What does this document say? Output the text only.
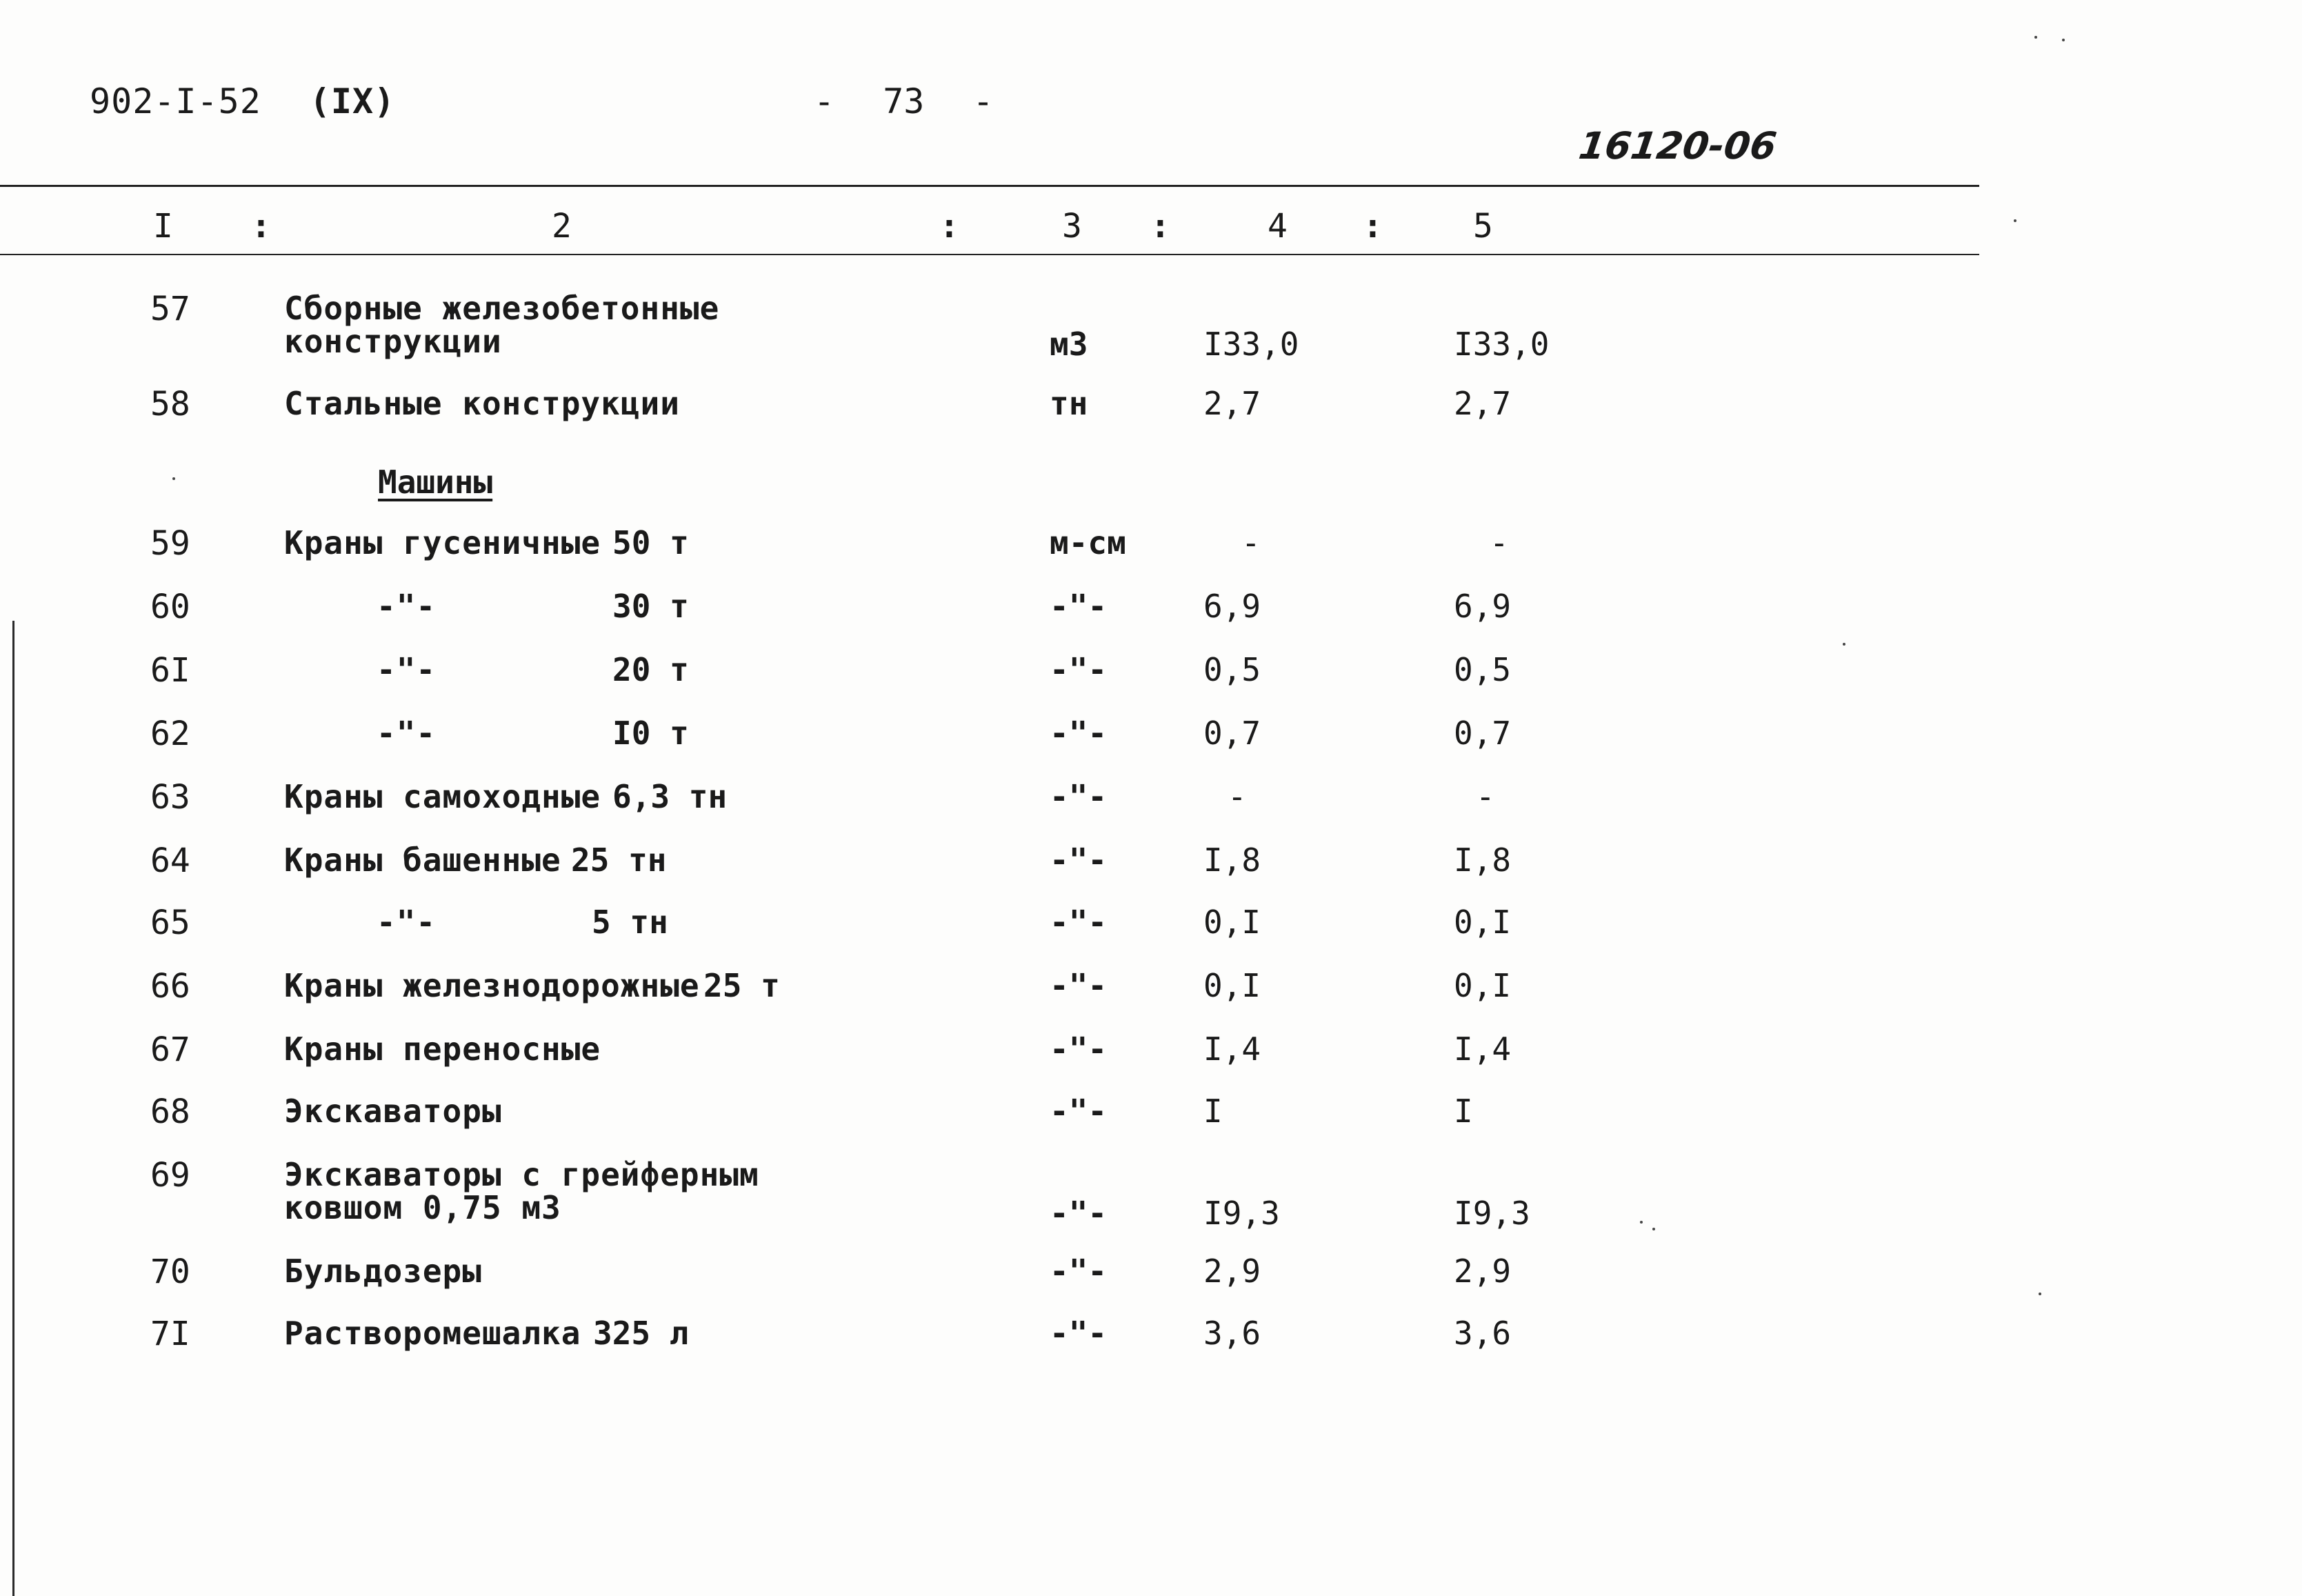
902-I-52 (IX)	- 73 -
16120-06
I :	2	:	3 :	4 :	5
57	Сборные железобетонные
конструкции	м3	I33,0	I33,0
58	Стальные конструкции	тн	2,7	2,7
Машины
59	Краны гусеничные 50 т	м-см	-	-
60	-"-	30 т	-"-	6,9	6,9
6I	-"-	20 т	-"-	0,5	0,5
62	-"-	I0 т	-"-	0,7	0,7
63	Краны самоходные 6,3 тн	-"-	-	-
64	Краны башенные 25 тн	-"-	I,8	I,8
65	-"-	5 тн	-"-	0,I	0,I
66	Краны железнодорожные 25 т	-"-	0,I	0,I
67	Краны переносные	-"-	I,4	I,4
68	Экскаваторы	-"-	I	I
69	Экскаваторы с грейферным
ковшом 0,75 м3	-"-	I9,3	I9,3
70	Бульдозеры	-"-	2,9	2,9
7I	Растворомешалка 325 л	-"-	3,6	3,6
